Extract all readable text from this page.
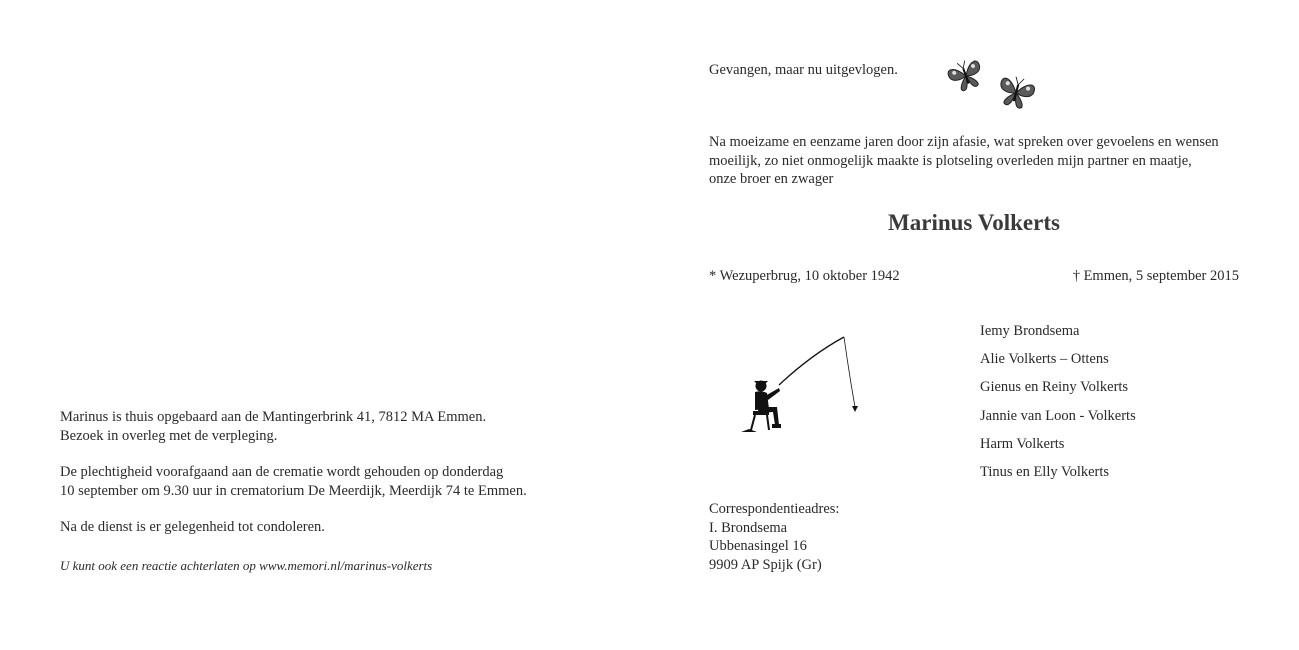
Marinus is thuis opgebaard aan de Mantingerbrink 41, 7812 MA Emmen.
Bezoek in overleg met de verpleging.
De plechtigheid voorafgaand aan de crematie wordt gehouden op donderdag
10 september om 9.30 uur in crematorium De Meerdijk, Meerdijk 74 te Emmen.
Na de dienst is er gelegenheid tot condoleren.
U kunt ook een reactie achterlaten op www.memori.nl/marinus-volkerts
Gevangen, maar nu uitgevlogen.
Na moeizame en eenzame jaren door zijn afasie, wat spreken over gevoelens en wensen
moeilijk, zo niet onmogelijk maakte is plotseling overleden mijn partner en maatje,
onze broer en zwager
Marinus Volkerts
* Wezuperbrug, 10 oktober 1942	† Emmen, 5 september 2015
Iemy Brondsema
Alie Volkerts – Ottens
Gienus en Reiny Volkerts
Jannie van Loon - Volkerts
Harm Volkerts
Tinus en Elly Volkerts
Correspondentieadres:
I. Brondsema
Ubbenasingel 16
9909 AP Spijk (Gr)
